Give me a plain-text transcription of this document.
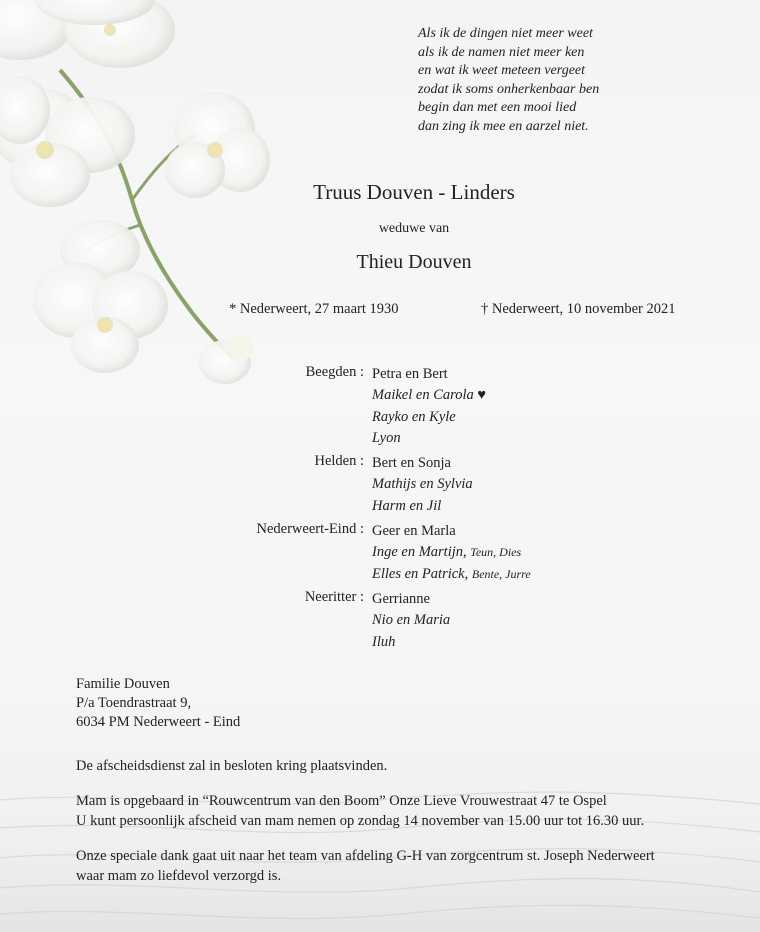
Als ik de dingen niet meer weet
als ik de namen niet meer ken
en wat ik weet meteen vergeet
zodat ik soms onherkenbaar ben
begin dan met een mooi lied
dan zing ik mee en aarzel niet.
Truus Douven - Linders
weduwe van
Thieu Douven
* Nederweert, 27 maart 1930	† Nederweert, 10 november 2021
Beegden : Petra en Bert
Maikel en Carola ♥
Rayko en Kyle
Lyon
Helden : Bert en Sonja
Mathijs en Sylvia
Harm en Jil
Nederweert-Eind : Geer en Marla
Inge en Martijn, Teun, Dies
Elles en Patrick, Bente, Jurre
Neeritter : Gerrianne
Nio en Maria
Iluh
Familie Douven
P/a Toendrastraat 9,
6034 PM Nederweert - Eind
De afscheidsdienst zal in besloten kring plaatsvinden.
Mam is opgebaard in “Rouwcentrum van den Boom” Onze Lieve Vrouwestraat 47 te Ospel
U kunt persoonlijk afscheid van mam nemen op zondag 14 november van 15.00 uur tot 16.30 uur.
Onze speciale dank gaat uit naar het team van afdeling G-H van zorgcentrum st. Joseph Nederweert
waar mam zo liefdevol verzorgd is.
